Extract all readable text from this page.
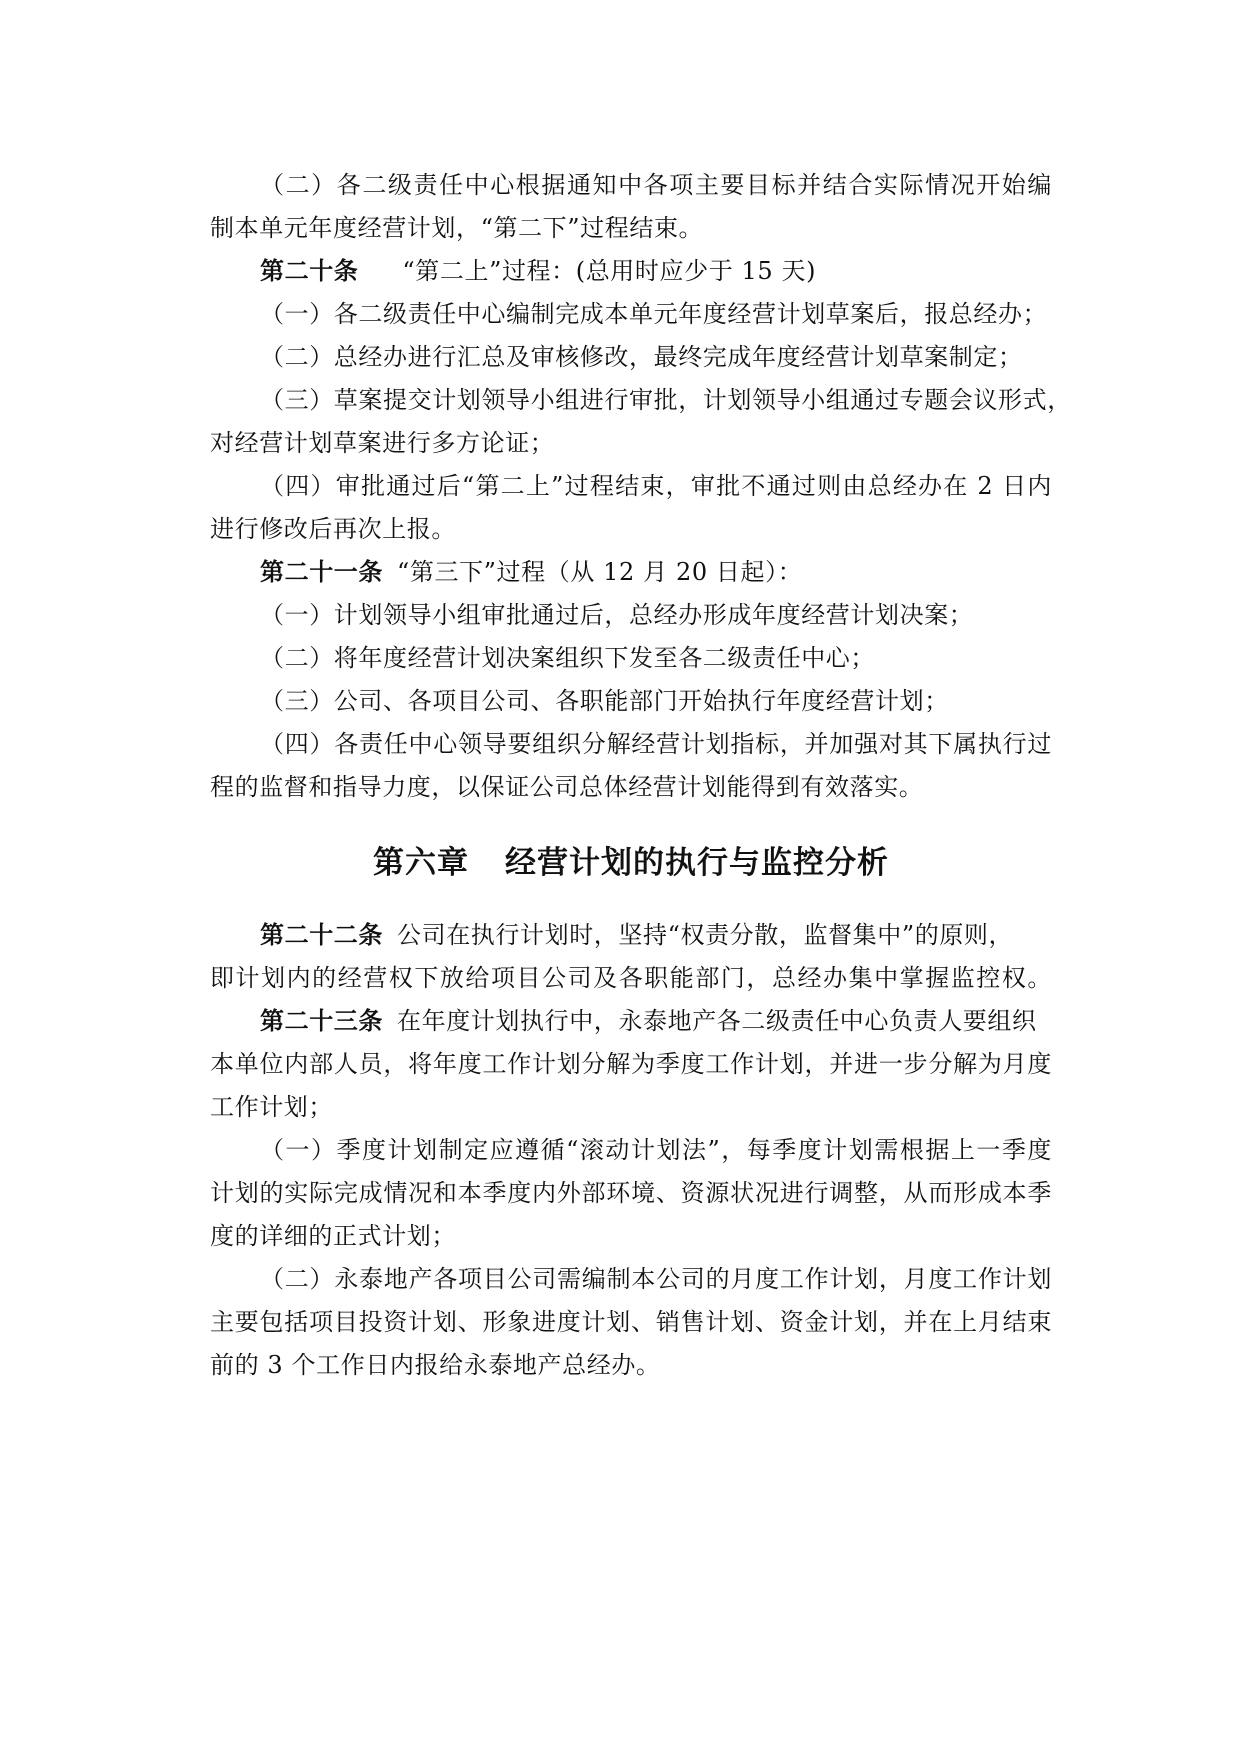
（二）各二级责任中心根据通知中各项主要目标并结合实际情况开始编
制本单元年度经营计划，“第二下”过程结束。
第二十条 “第二上”过程：(总用时应少于 15 天)
（一）各二级责任中心编制完成本单元年度经营计划草案后，报总经办；
（二）总经办进行汇总及审核修改，最终完成年度经营计划草案制定；
（三）草案提交计划领导小组进行审批，计划领导小组通过专题会议形式，
对经营计划草案进行多方论证；
（四）审批通过后“第二上”过程结束，审批不通过则由总经办在 2 日内
进行修改后再次上报。
第二十一条 “第三下”过程（从 12 月 20 日起）：
（一）计划领导小组审批通过后，总经办形成年度经营计划决案；
（二）将年度经营计划决案组织下发至各二级责任中心；
（三）公司、各项目公司、各职能部门开始执行年度经营计划；
（四）各责任中心领导要组织分解经营计划指标，并加强对其下属执行过
程的监督和指导力度，以保证公司总体经营计划能得到有效落实。
第六章 经营计划的执行与监控分析
第二十二条 公司在执行计划时，坚持“权责分散，监督集中”的原则，
即计划内的经营权下放给项目公司及各职能部门，总经办集中掌握监控权。
第二十三条 在年度计划执行中，永泰地产各二级责任中心负责人要组织
本单位内部人员，将年度工作计划分解为季度工作计划，并进一步分解为月度
工作计划；
（一）季度计划制定应遵循“滚动计划法”，每季度计划需根据上一季度
计划的实际完成情况和本季度内外部环境、资源状况进行调整，从而形成本季
度的详细的正式计划；
（二）永泰地产各项目公司需编制本公司的月度工作计划，月度工作计划
主要包括项目投资计划、形象进度计划、销售计划、资金计划，并在上月结束
前的 3 个工作日内报给永泰地产总经办。
